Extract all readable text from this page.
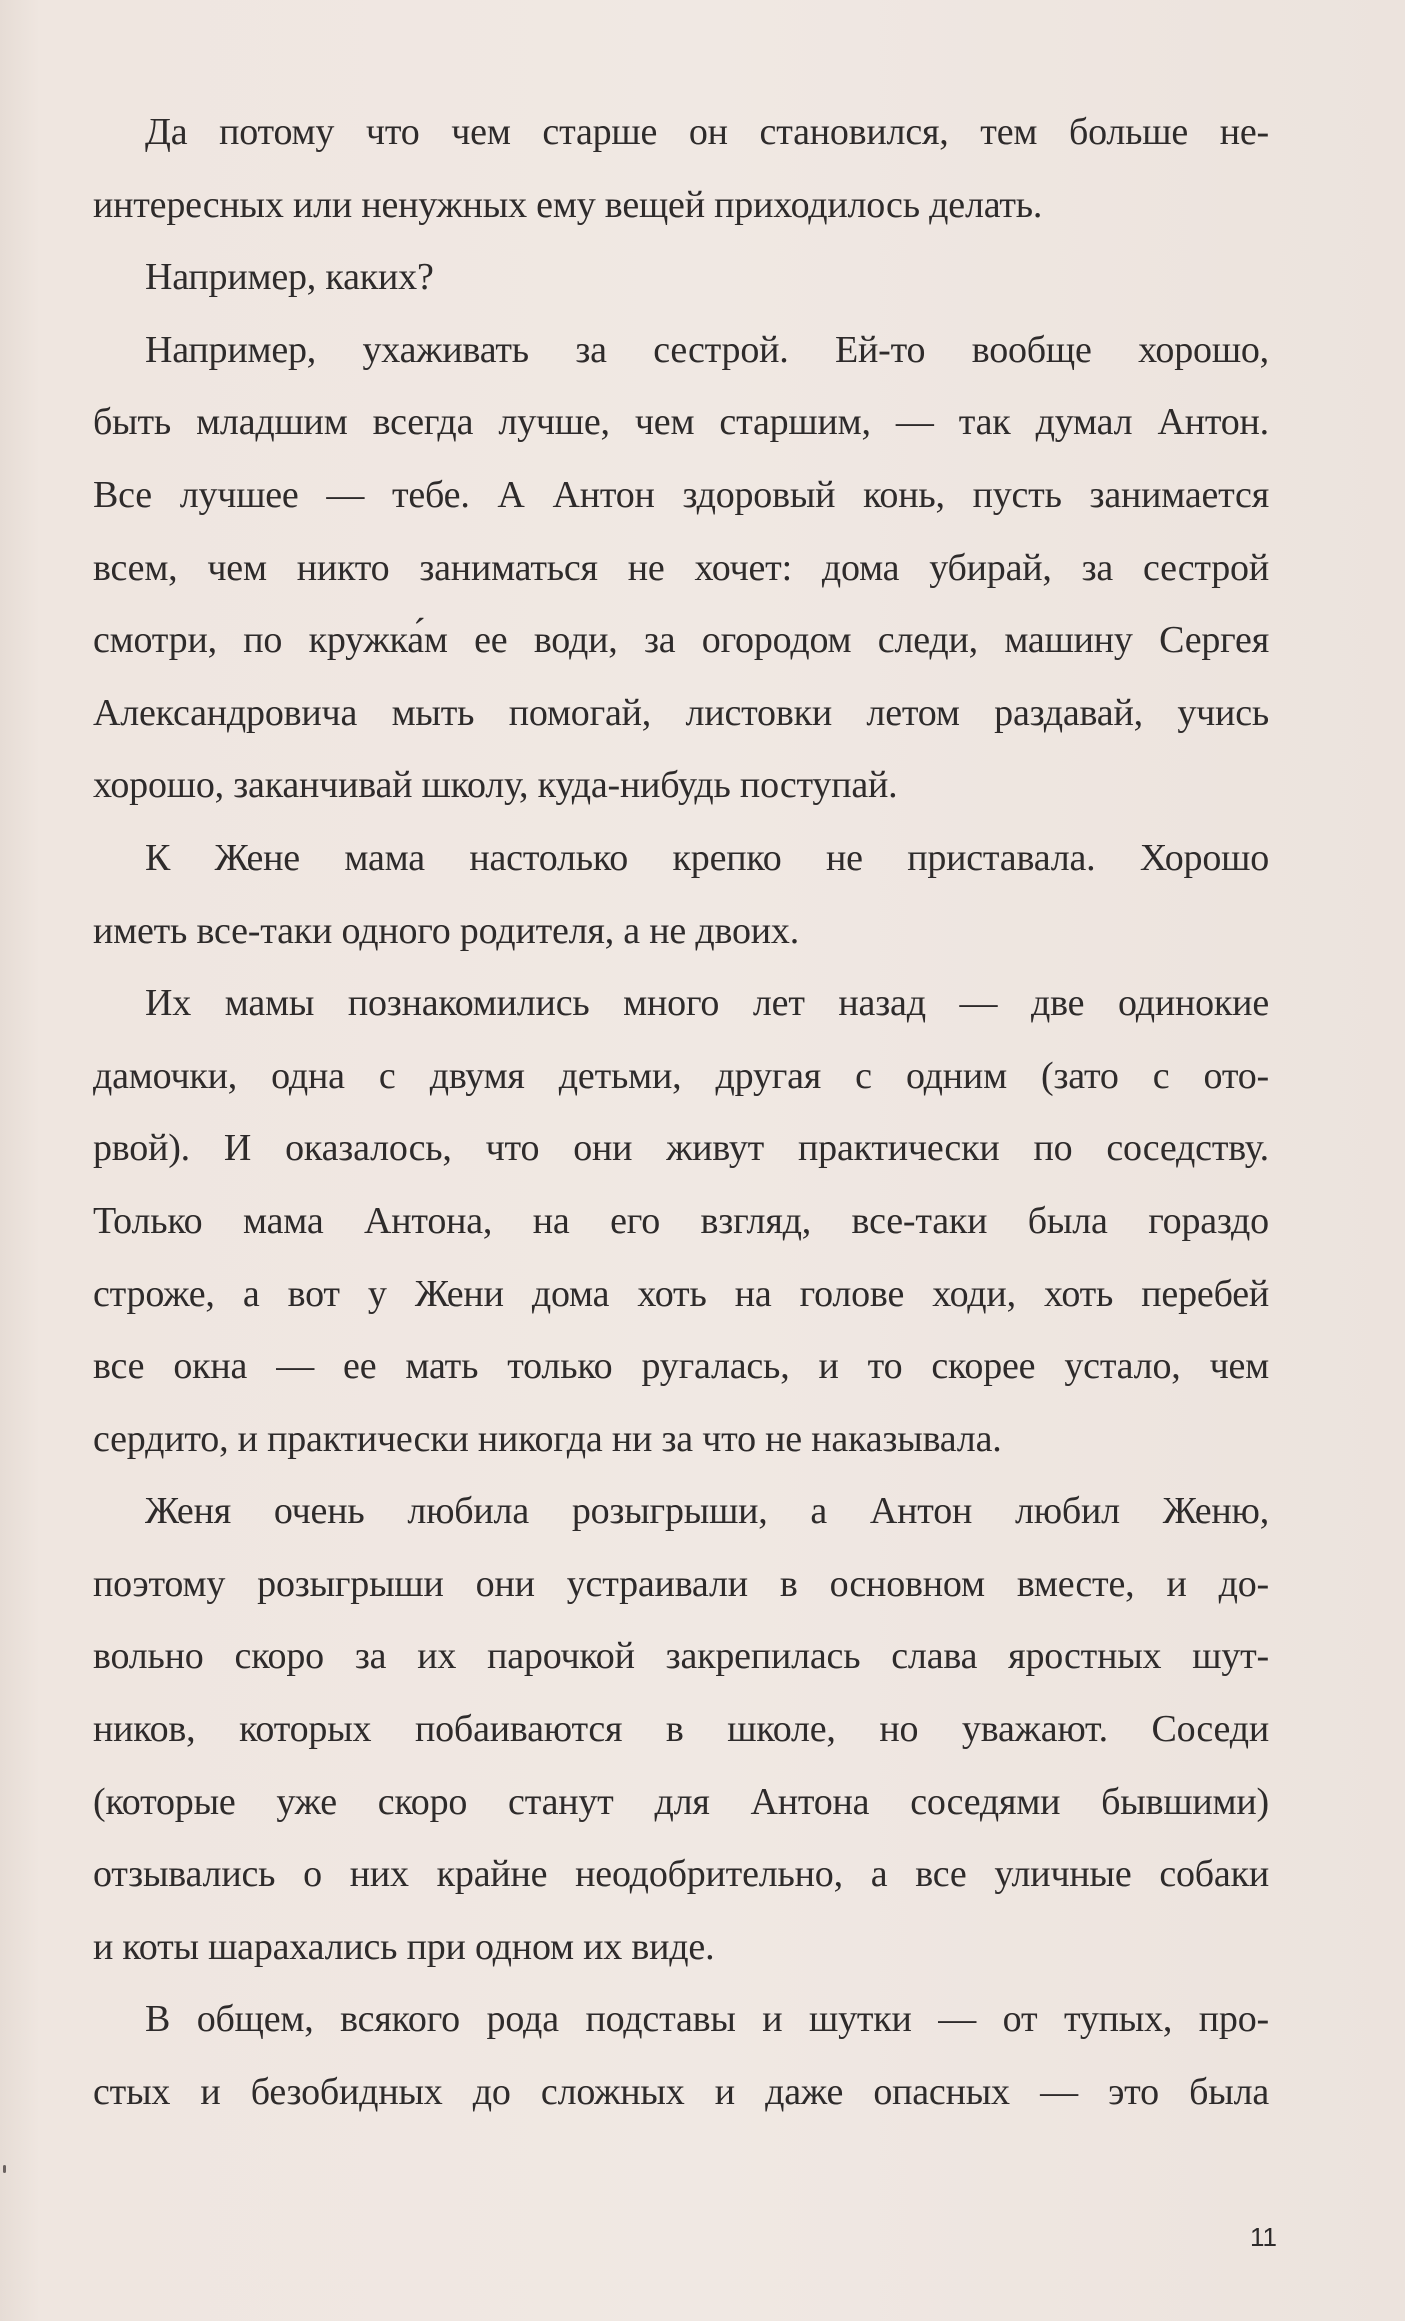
Да потому что чем старше он становился, тем больше не-
интересных или ненужных ему вещей приходилось делать.
Например, каких?
Например, ухаживать за сестрой. Ей-то вообще хорошо,
быть младшим всегда лучше, чем старшим, — так думал Антон.
Все лучшее — тебе. А Антон здоровый конь, пусть занимается
всем, чем никто заниматься не хочет: дома убирай, за сестрой
смотри, по кружка́м ее води, за огородом следи, машину Сергея
Александровича мыть помогай, листовки летом раздавай, учись
хорошо, заканчивай школу, куда-нибудь поступай.
К Жене мама настолько крепко не приставала. Хорошо
иметь все-таки одного родителя, а не двоих.
Их мамы познакомились много лет назад — две одинокие
дамочки, одна с двумя детьми, другая с одним (зато с ото-
рвой). И оказалось, что они живут практически по соседству.
Только мама Антона, на его взгляд, все-таки была гораздо
строже, а вот у Жени дома хоть на голове ходи, хоть перебей
все окна — ее мать только ругалась, и то скорее устало, чем
сердито, и практически никогда ни за что не наказывала.
Женя очень любила розыгрыши, а Антон любил Женю,
поэтому розыгрыши они устраивали в основном вместе, и до-
вольно скоро за их парочкой закрепилась слава яростных шут-
ников, которых побаиваются в школе, но уважают. Соседи
(которые уже скоро станут для Антона соседями бывшими)
отзывались о них крайне неодобрительно, а все уличные собаки
и коты шарахались при одном их виде.
В общем, всякого рода подставы и шутки — от тупых, про-
стых и безобидных до сложных и даже опасных — это была
11
